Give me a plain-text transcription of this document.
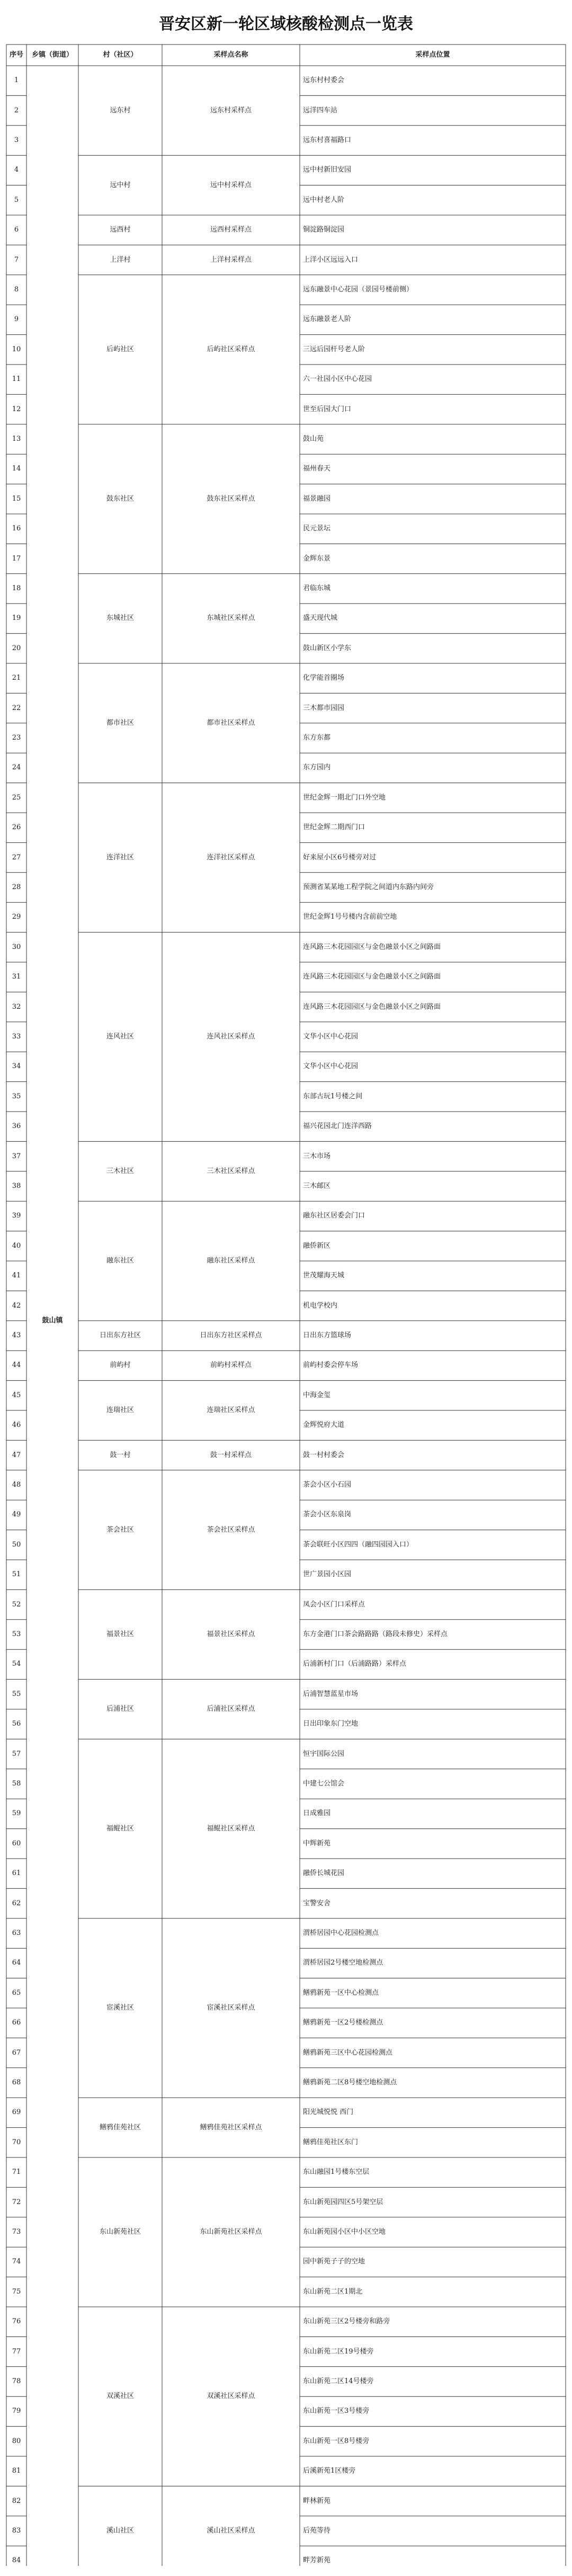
晋安区新一轮区域核酸检测点一览表
序号	乡镇（街道）	村（社区）	采样点名称	采样点位置
鼓山镇
远东村	远东村采样点
1	远东村村委会
2	远洋四车站
3	远东村喜福路口
远中村	远中村采样点
4	远中村新旧安园
5	远中村老人阶
远西村	远西村采样点
6	铜淀路铜淀园
上洋村	上洋村采样点
7	上洋小区远远入口
后屿社区	后屿社区采样点
8	远东融景中心花园（景园号楼前侧）
9	远东融景老人阶
10	三远后园杆号老人阶
11	六一社园小区中心花园
12	世至后园大门口
鼓东社区	鼓东社区采样点
13	鼓山苑
14	福州春天
15	福景融园
16	民元景坛
17	金辉东景
东城社区	东城社区采样点
18	君临东城
19	盛天现代城
20	鼓山新区小学东
都市社区	都市社区采样点
21	化学能首圈场
22	三木都市园园
23	东方东都
24	东方园内
连洋社区	连洋社区采样点
25	世纪金辉一期北门口外空地
26	世纪金辉二期西门口
27	好来屋小区6号楼旁对过
28	预测省某某地工程学院之间道内东路内间旁
29	世纪金辉1号号楼内含前前空地
连风社区	连风社区采样点
30	连风路三木花园园区与金色融景小区之间路面
31	连风路三木花园园区与金色融景小区之间路面
32	连风路三木花园园区与金色融景小区之间路面
33	文华小区中心花园
34	文华小区中心花园
35	东部古玩1号楼之间
36	福兴花园北门连洋西路
三木社区	三木社区采样点
37	三木市场
38	三木邮区
融东社区	融东社区采样点
39	融东社区居委会门口
40	融侨新区
41	世茂耀海天城
42	机电学校内
日出东方社区	日出东方社区采样点
43	日出东方篮球场
前屿村	前屿村采样点
44	前屿村委会停车场
连瑞社区	连瑞社区采样点
45	中海金玺
46	金辉悦府大道
鼓一村	鼓一村采样点
47	鼓一村村委会
茶会社区	茶会社区采样点
48	茶会小区小石园
49	茶会小区东泉岗
50	茶会联旺小区四四（融四园园入口）
51	世广景园小区园
福景社区	福景社区采样点
52	凤会小区门口采样点
53	东方金港门口茶会路路路（路段未修史）采样点
54	后浦新村门口（后浦路路）采样点
后浦社区	后浦社区采样点
55	后浦智慧蓝星市场
56	日出印象东门空地
福鲲社区	福鲲社区采样点
57	恒宇国际公园
58	中建七公馆会
59	日成雅园
60	中辉新苑
61	融侨长城花园
62	宝警安舍
宦溪社区	宦溪社区采样点
63	渭桥居园中心花园检测点
64	渭桥居园2号楼空地检测点
65	鳝鸦新苑一区中心检测点
66	鳝鸦新苑一区2号楼检测点
67	鳝鸦新苑三区中心花园检测点
68	鳝鸦新苑二区8号楼空地检测点
鳝鸦佳苑社区	鳝鸦佳苑社区采样点
69	阳光城悦悦 西门
70	鳝鸦佳苑社区东门
东山新苑社区	东山新苑社区采样点
71	东山融园1号楼东空层
72	东山新苑园四区5号架空层
73	东山新苑园小区中小区空地
74	园中新苑子子的空地
75	东山新苑二区1期北
双溪社区	双溪社区采样点
76	东山新苑三区2号楼旁和路旁
77	东山新苑二区19号楼旁
78	东山新苑二区14号楼旁
79	东山新苑一区3号楼旁
80	东山新苑一区8号楼旁
81	后溪新苑1区楼旁
溪山社区	溪山社区采样点
82	畔林新苑
83	后苑等待
84	畔芳新苑
